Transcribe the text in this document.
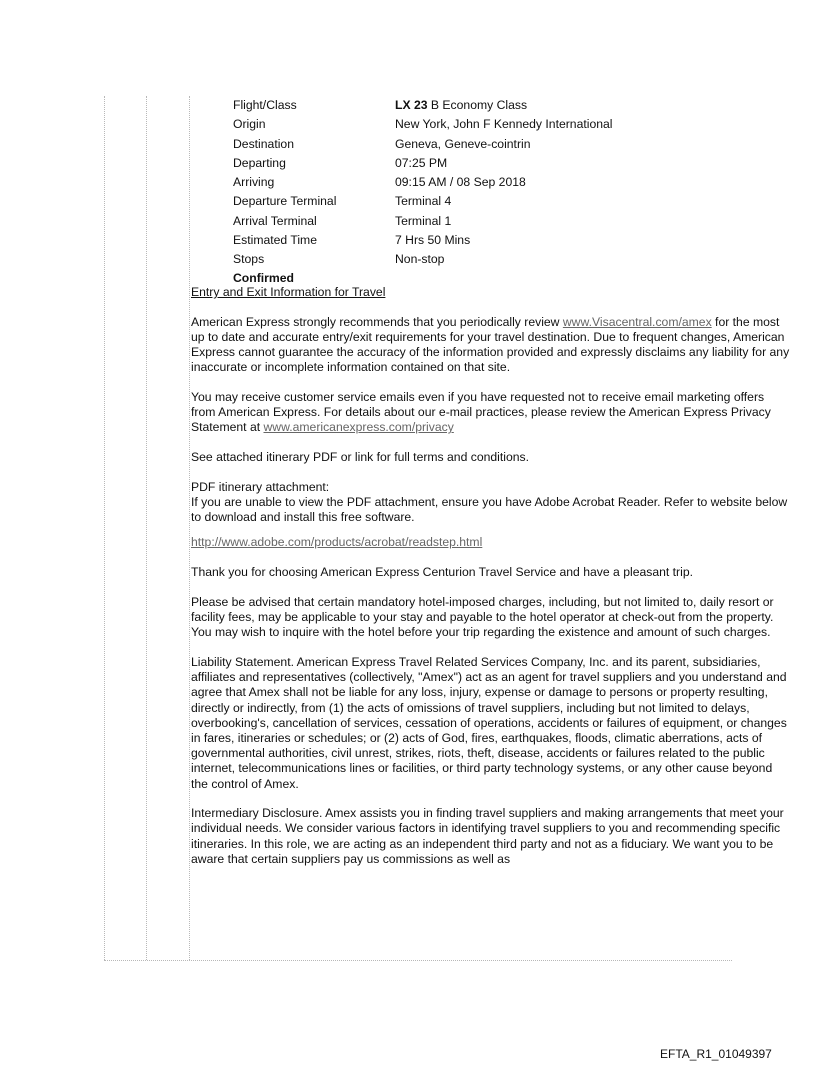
Flight/Class	LX 23 B Economy Class
Origin	New York, John F Kennedy International
Destination	Geneva, Geneve-cointrin
Departing	07:25 PM
Arriving	09:15 AM / 08 Sep 2018
Departure Terminal	Terminal 4
Arrival Terminal	Terminal 1
Estimated Time	7 Hrs 50 Mins
Stops	Non-stop
Confirmed

Entry and Exit Information for Travel

American Express strongly recommends that you periodically review www.Visacentral.com/amex for the most up to date and accurate entry/exit requirements for your travel destination. Due to frequent changes, American Express cannot guarantee the accuracy of the information provided and expressly disclaims any liability for any inaccurate or incomplete information contained on that site.

You may receive customer service emails even if you have requested not to receive email marketing offers from American Express. For details about our e-mail practices, please review the American Express Privacy Statement at www.americanexpress.com/privacy

See attached itinerary PDF or link for full terms and conditions.

PDF itinerary attachment:

If you are unable to view the PDF attachment, ensure you have Adobe Acrobat Reader. Refer to website below to download and install this free software.

http://www.adobe.com/products/acrobat/readstep.html

Thank you for choosing American Express Centurion Travel Service and have a pleasant trip.

Please be advised that certain mandatory hotel-imposed charges, including, but not limited to, daily resort or facility fees, may be applicable to your stay and payable to the hotel operator at check-out from the property. You may wish to inquire with the hotel before your trip regarding the existence and amount of such charges.

Liability Statement. American Express Travel Related Services Company, Inc. and its parent, subsidiaries, affiliates and representatives (collectively, "Amex") act as an agent for travel suppliers and you understand and agree that Amex shall not be liable for any loss, injury, expense or damage to persons or property resulting, directly or indirectly, from (1) the acts of omissions of travel suppliers, including but not limited to delays, overbooking's, cancellation of services, cessation of operations, accidents or failures of equipment, or changes in fares, itineraries or schedules; or (2) acts of God, fires, earthquakes, floods, climatic aberrations, acts of governmental authorities, civil unrest, strikes, riots, theft, disease, accidents or failures related to the public internet, telecommunications lines or facilities, or third party technology systems, or any other cause beyond the control of Amex.

Intermediary Disclosure. Amex assists you in finding travel suppliers and making arrangements that meet your individual needs. We consider various factors in identifying travel suppliers to you and recommending specific itineraries. In this role, we are acting as an independent third party and not as a fiduciary. We want you to be aware that certain suppliers pay us commissions as well as

EFTA_R1_01049397
